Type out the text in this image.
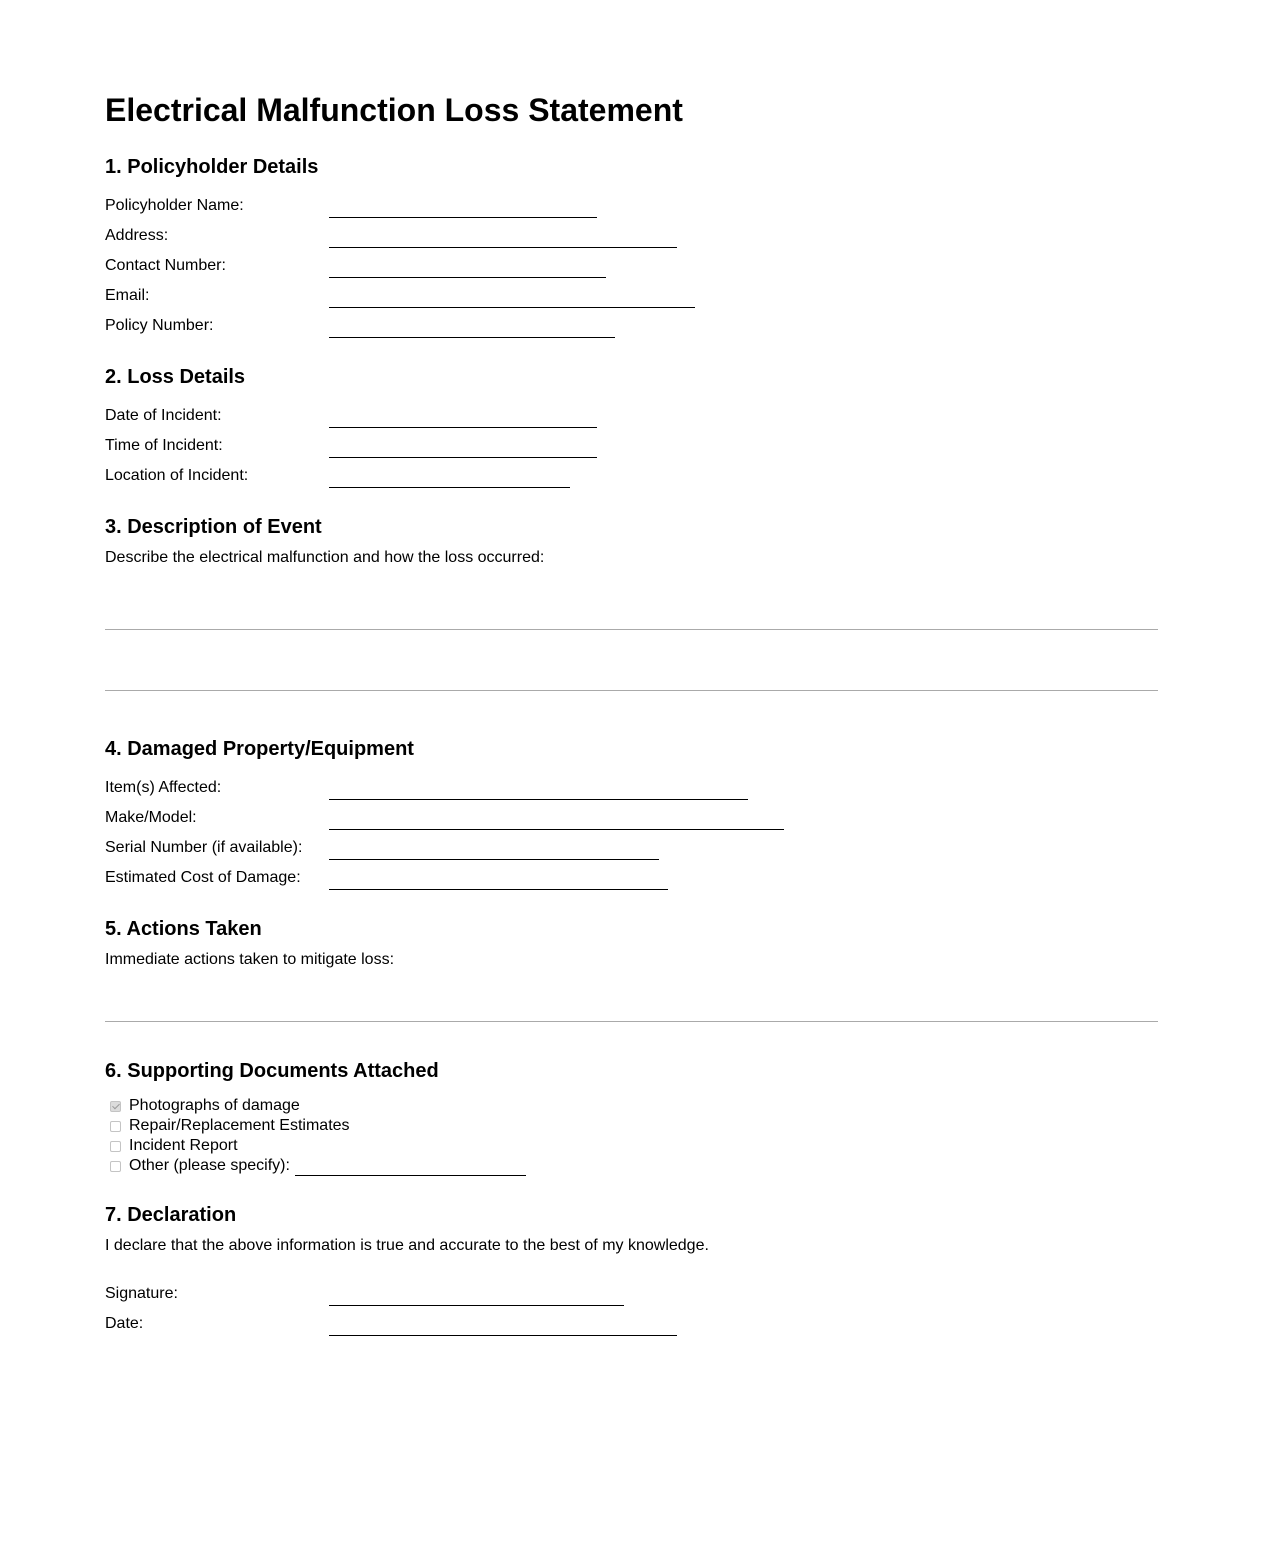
Electrical Malfunction Loss Statement
1. Policyholder Details
Policyholder Name:
Address:
Contact Number:
Email:
Policy Number:
2. Loss Details
Date of Incident:
Time of Incident:
Location of Incident:
3. Description of Event

Describe the electrical malfunction and how the loss occurred:

4. Damaged Property/Equipment
Item(s) Affected:
Make/Model:
Serial Number (if available):
Estimated Cost of Damage:
5. Actions Taken

Immediate actions taken to mitigate loss:

6. Supporting Documents Attached
Photographs of damage
Repair/Replacement Estimates
Incident Report
Other (please specify):
7. Declaration

I declare that the above information is true and accurate to the best of my knowledge.

Signature:
Date:
